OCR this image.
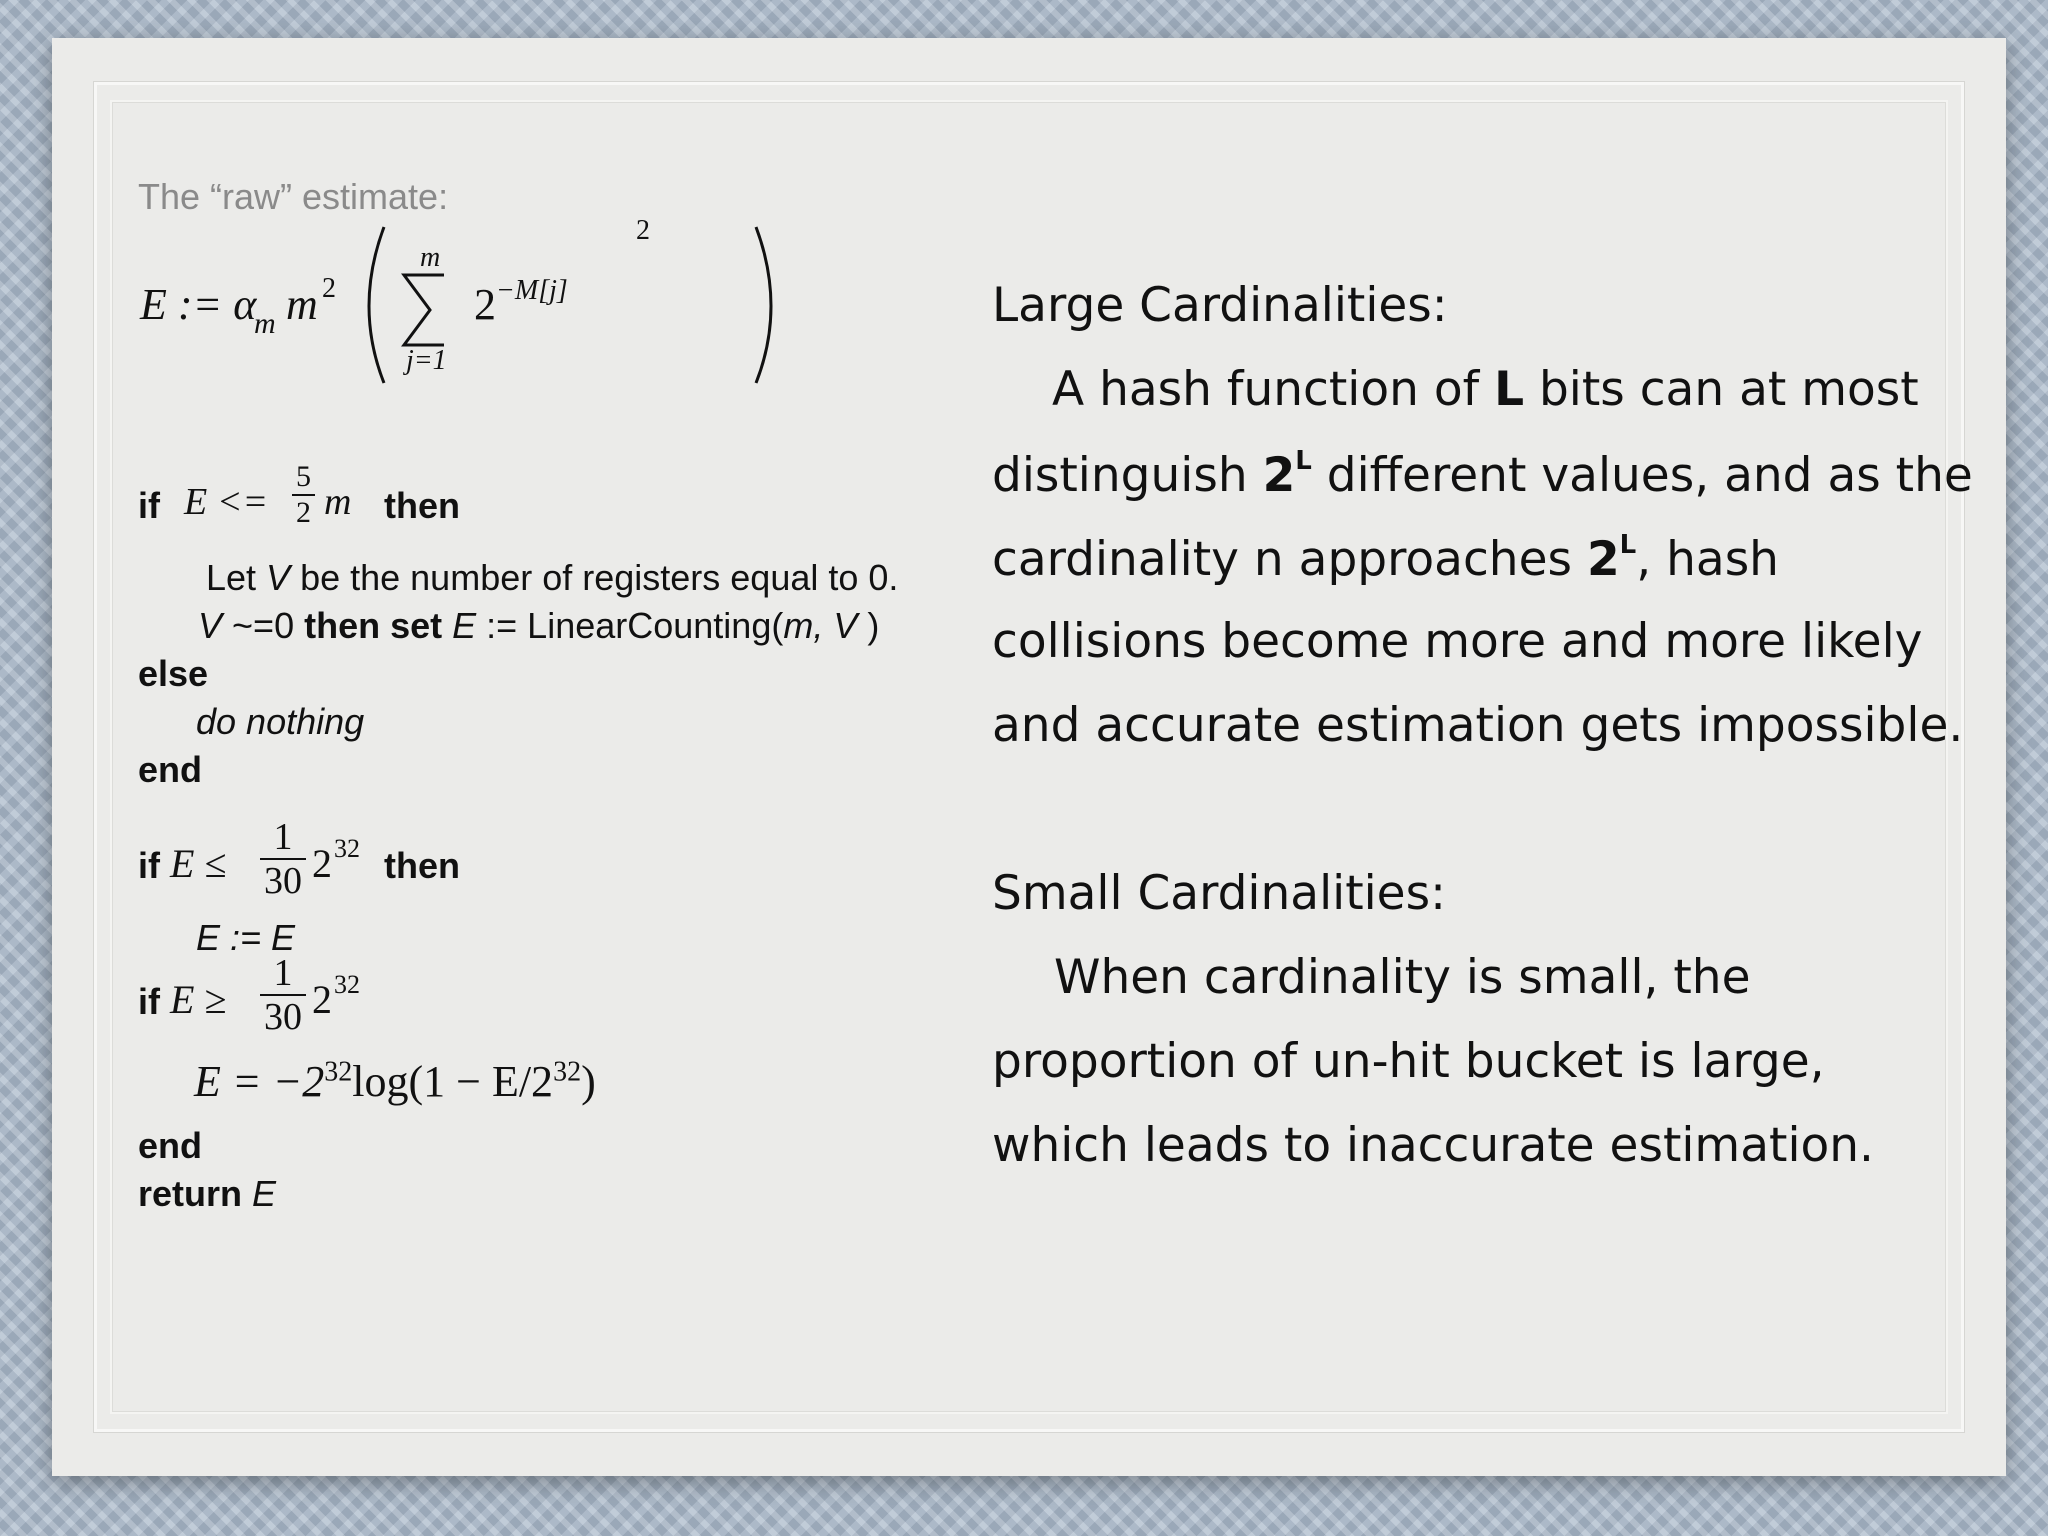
The “raw” estimate:
E := α
m m 2
m
j=1
2 −M[j]
2
if $E <= \frac{5}{2}$ m then
Let V be the number of registers equal to 0.
V ~=0 then set E := LinearCounting(m, V )
else
do nothing
end
if $E \le \frac{1}{30} 2$ 32 then
E := E
if $E \ge \frac{1}{30} 2$ 32
$E = -2^{32}\log(1 - E/2^{32})$
end
return E
Large Cardinalities:
A hash function of L bits can at most
distinguish $2^L$ different values, and as the
cardinality n approaches $2^L$, hash
collisions become more and more likely
and accurate estimation gets impossible.
Small Cardinalities:
When cardinality is small, the
proportion of un-hit bucket is large,
which leads to inaccurate estimation.
